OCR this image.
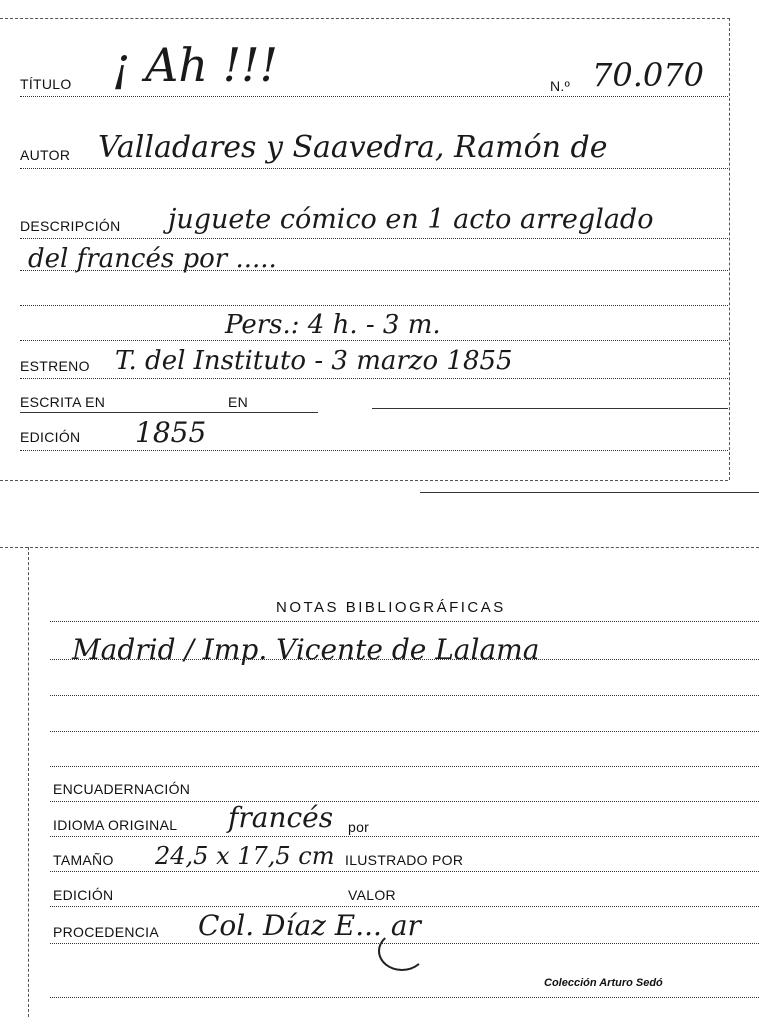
TÍTULO ¡ Ah !!!	N.º 70.070
AUTOR Valladares y Saavedra, Ramón de
DESCRIPCIÓN juguete cómico en 1 acto arreglado
del francés por .....
Pers.: 4 h. - 3 m.
ESTRENO T. del Instituto - 3 marzo 1855
ESCRITA EN	EN
EDICIÓN 1855
NOTAS BIBLIOGRÁFICAS
Madrid / Imp. Vicente de Lalama
ENCUADERNACIÓN
IDIOMA ORIGINAL francés por
TAMAÑO 24,5 x 17,5 cm ILUSTRADO POR
EDICIÓN	VALOR
PROCEDENCIA Col. Díaz E... ar
Colección Arturo Sedó
